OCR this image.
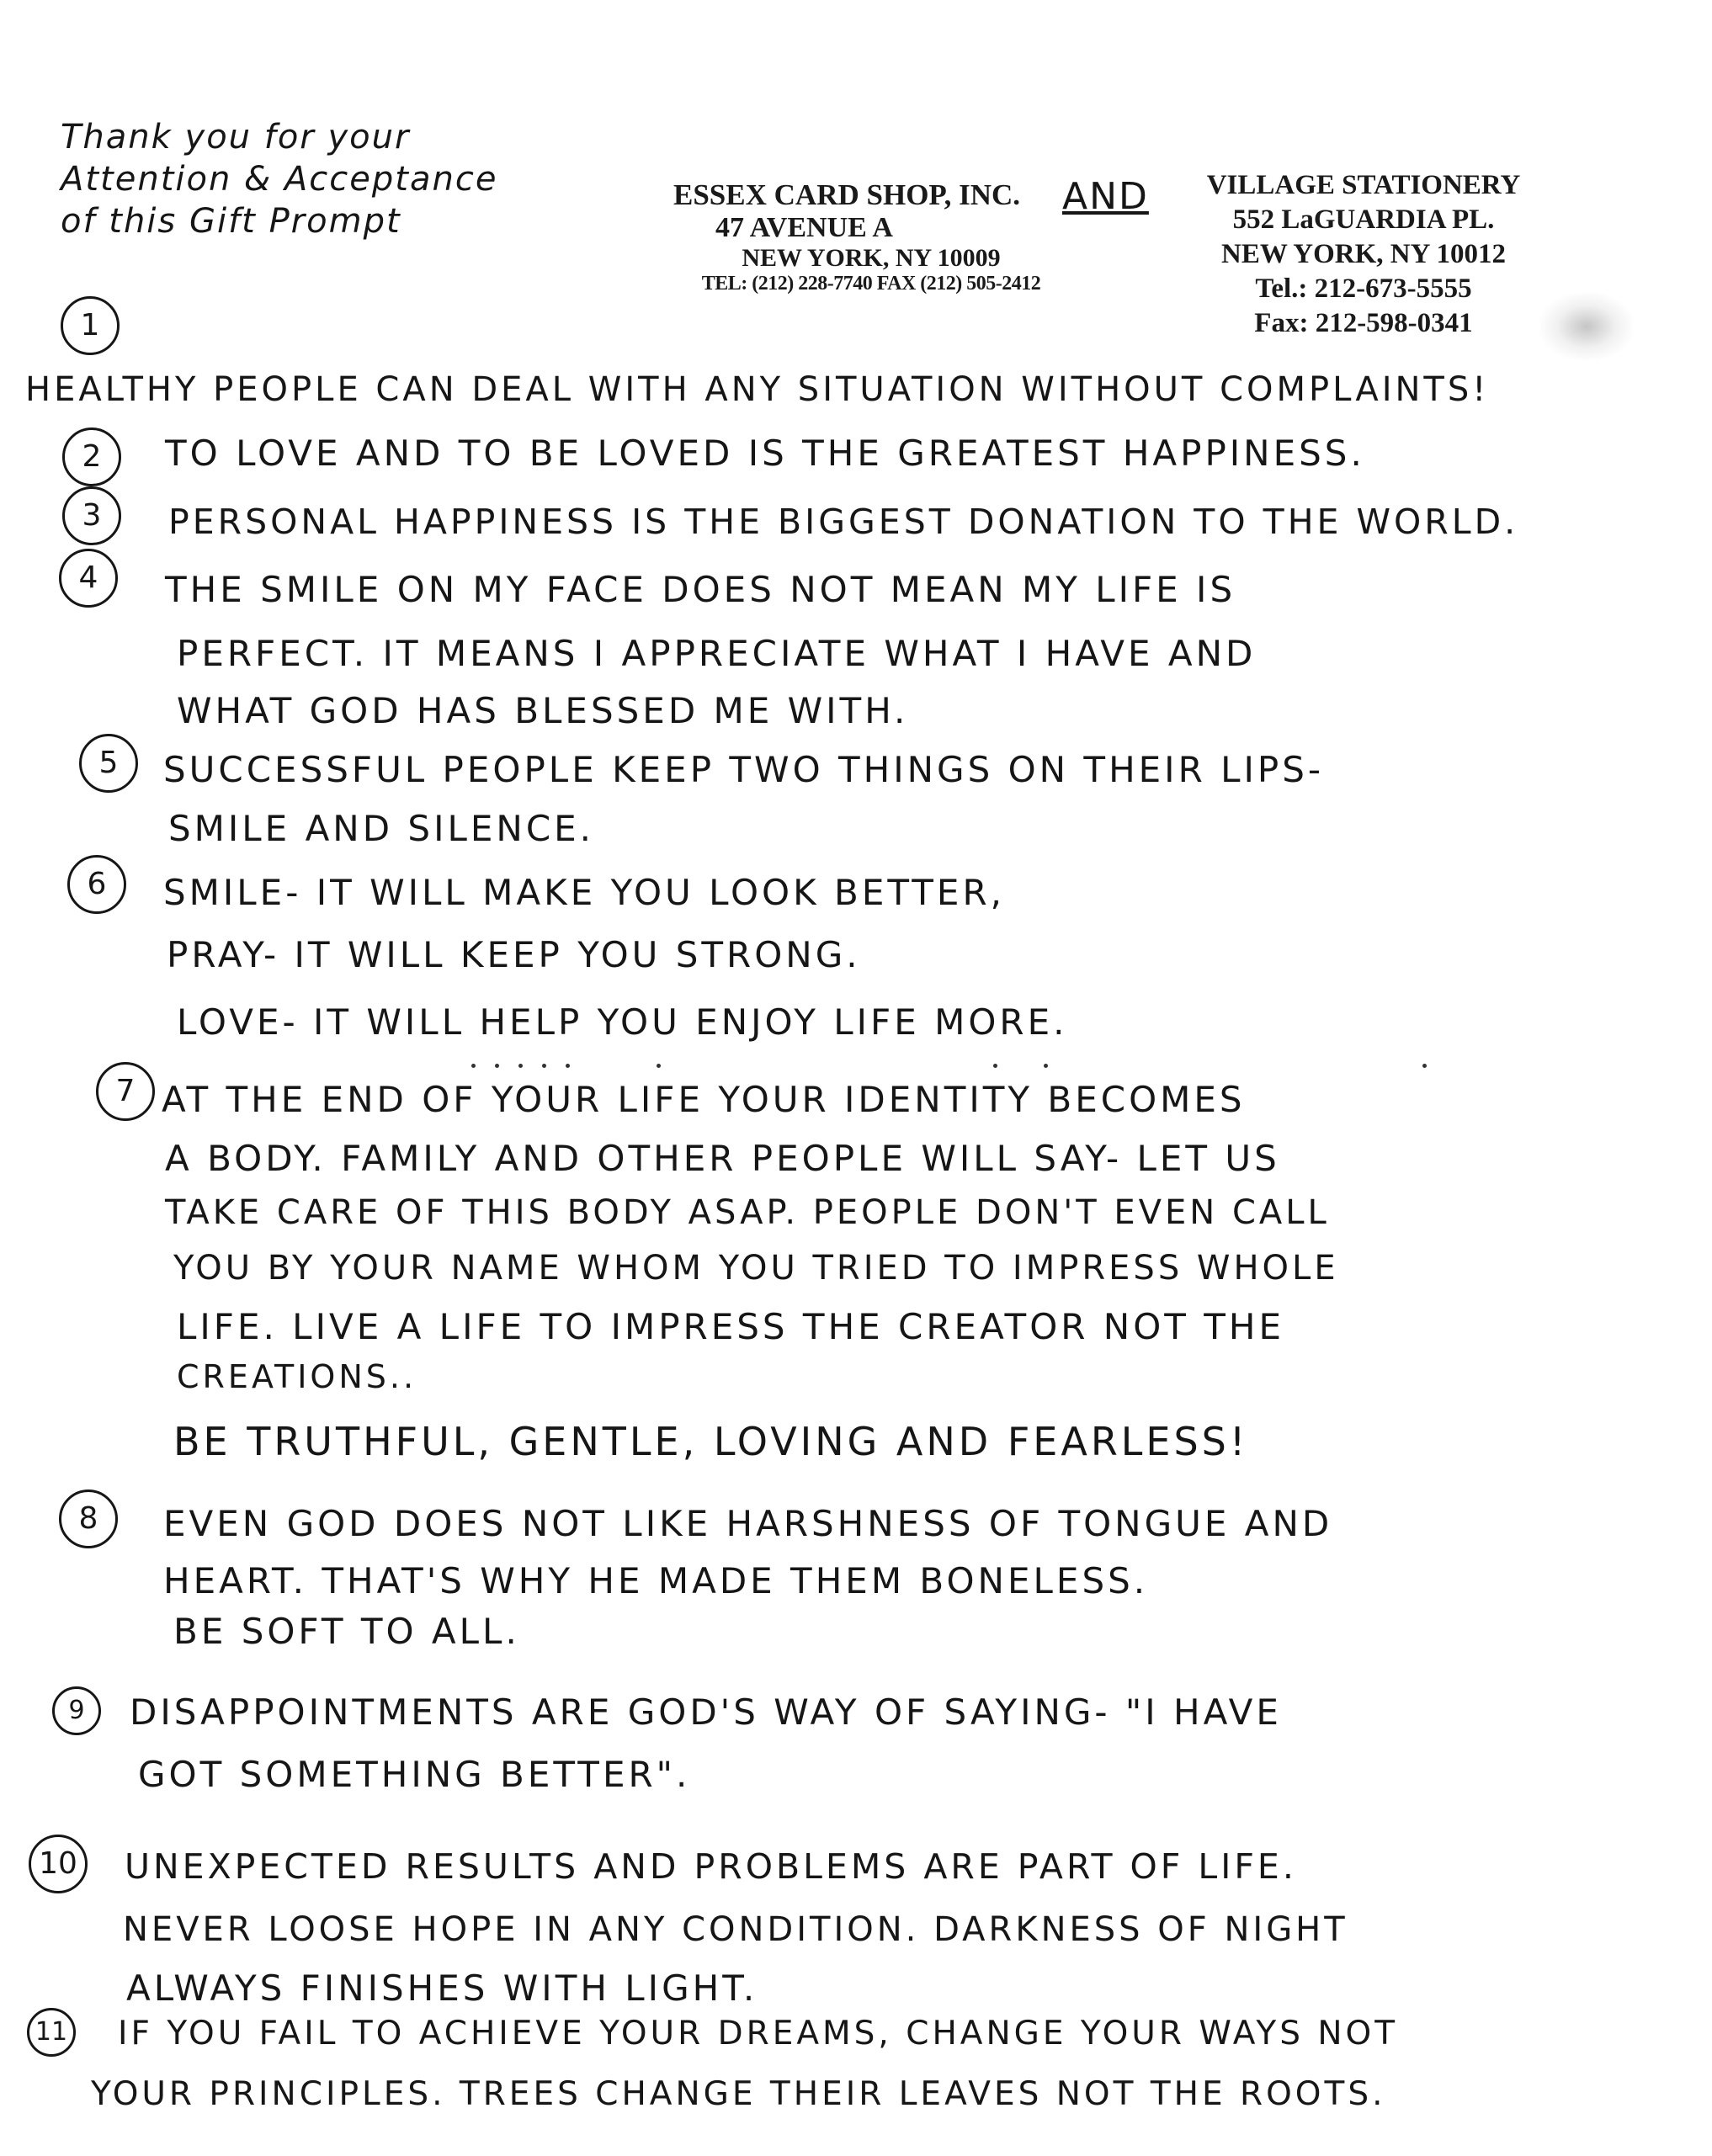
Thank you for your
Attention & Acceptance
of this Gift Prompt
1
ESSEX CARD SHOP, INC.
47 AVENUE A
NEW YORK, NY 10009
TEL: (212) 228-7740 FAX (212) 505-2412
AND	VILLAGE STATIONERY
552 LaGUARDIA PL.
NEW YORK, NY 10012
Tel.: 212-673-5555
Fax: 212-598-0341
HEALTHY PEOPLE CAN DEAL WITH ANY SITUATION WITHOUT COMPLAINTS!
2	TO LOVE AND TO BE LOVED IS THE GREATEST HAPPINESS.
3	PERSONAL HAPPINESS IS THE BIGGEST DONATION TO THE WORLD.
4	THE SMILE ON MY FACE DOES NOT MEAN MY LIFE IS
PERFECT. IT MEANS I APPRECIATE WHAT I HAVE AND
WHAT GOD HAS BLESSED ME WITH.
5	SUCCESSFUL PEOPLE KEEP TWO THINGS ON THEIR LIPS-
SMILE AND SILENCE.
6	SMILE- IT WILL MAKE YOU LOOK BETTER,
PRAY- IT WILL KEEP YOU STRONG.
LOVE- IT WILL HELP YOU ENJOY LIFE MORE.
7 AT THE END OF YOUR LIFE YOUR IDENTITY BECOMES
A BODY. FAMILY AND OTHER PEOPLE WILL SAY- LET US
TAKE CARE OF THIS BODY ASAP. PEOPLE DON'T EVEN CALL
YOU BY YOUR NAME WHOM YOU TRIED TO IMPRESS WHOLE
LIFE. LIVE A LIFE TO IMPRESS THE CREATOR NOT THE
CREATIONS..
BE TRUTHFUL, GENTLE, LOVING AND FEARLESS!
8	EVEN GOD DOES NOT LIKE HARSHNESS OF TONGUE AND
HEART. THAT'S WHY HE MADE THEM BONELESS.
BE SOFT TO ALL.
9	DISAPPOINTMENTS ARE GOD'S WAY OF SAYING- "I HAVE
GOT SOMETHING BETTER".
10 UNEXPECTED RESULTS AND PROBLEMS ARE PART OF LIFE.
NEVER LOOSE HOPE IN ANY CONDITION. DARKNESS OF NIGHT
ALWAYS FINISHES WITH LIGHT.
11 IF YOU FAIL TO ACHIEVE YOUR DREAMS, CHANGE YOUR WAYS NOT
YOUR PRINCIPLES. TREES CHANGE THEIR LEAVES NOT THE ROOTS.
